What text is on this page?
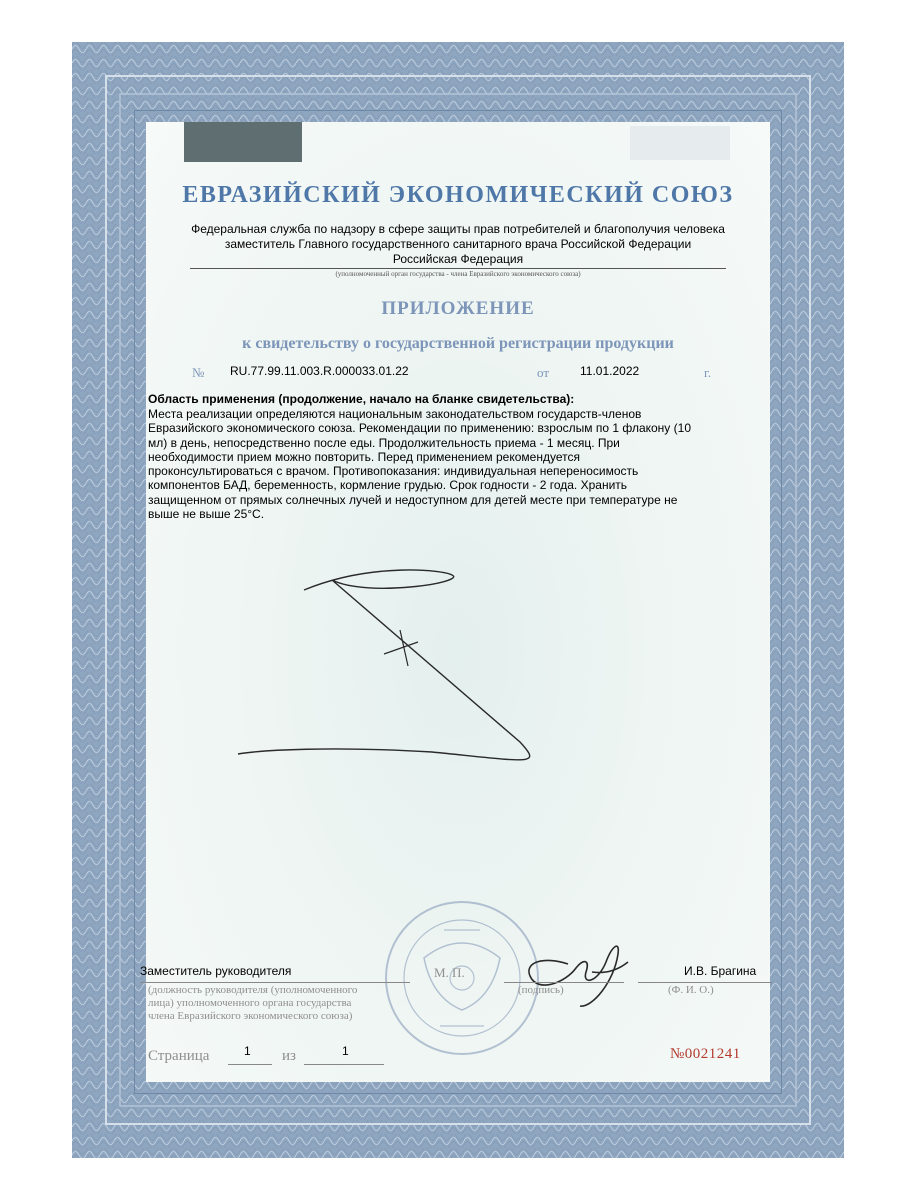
ЕВРАЗИЙСКИЙ ЭКОНОМИЧЕСКИЙ СОЮЗ
Федеральная служба по надзору в сфере защиты прав потребителей и благополучия человека
заместитель Главного государственного санитарного врача Российской Федерации
Российская Федерация
(уполномоченный орган государства - члена Евразийского экономического союза)
ПРИЛОЖЕНИЕ
к свидетельству о государственной регистрации продукции
№ RU.77.99.11.003.R.000033.01.22	от	11.01.2022	г.
Область применения (продолжение, начало на бланке свидетельства):
Места реализации определяются национальным законодательством государств-членов
Евразийского экономического союза. Рекомендации по применению: взрослым по 1 флакону (10
мл) в день, непосредственно после еды. Продолжительность приема - 1 месяц. При
необходимости прием можно повторить. Перед применением рекомендуется
проконсультироваться с врачом. Противопоказания: индивидуальная непереносимость
компонентов БАД, беременность, кормление грудью. Срок годности - 2 года. Хранить
защищенном от прямых солнечных лучей и недоступном для детей месте при температуре не
выше не выше 25°С.
Заместитель руководителя
(должность руководителя (уполномоченного
лица) уполномоченного органа государства
члена Евразийского экономического союза)
М. П.
(подпись)
И.В. Брагина
(Ф. И. О.)
Страница	1 из	1	№0021241
